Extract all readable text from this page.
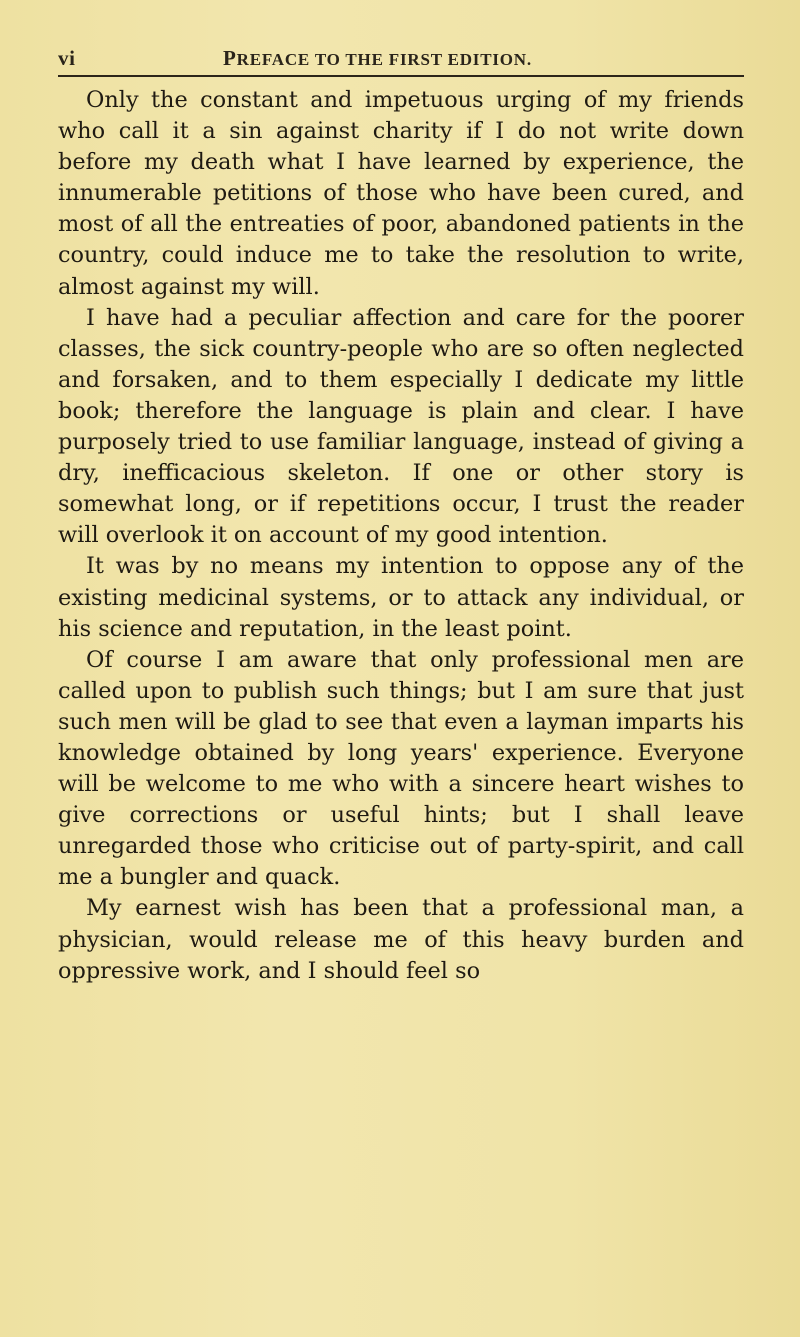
vi	PREFACE TO THE FIRST EDITION.

Only the constant and impetuous urging of my friends who call it a sin against charity if I do not write down before my death what I have learned by experience, the innumerable petitions of those who have been cured, and most of all the entreaties of poor, abandoned patients in the country, could induce me to take the resolution to write, almost against my will.

I have had a peculiar affection and care for the poorer classes, the sick country-people who are so often neglected and forsaken, and to them especially I dedicate my little book; therefore the language is plain and clear. I have purposely tried to use familiar language, instead of giving a dry, inefficacious skeleton. If one or other story is somewhat long, or if repetitions occur, I trust the reader will overlook it on account of my good intention.

It was by no means my intention to oppose any of the existing medicinal systems, or to attack any individual, or his science and reputation, in the least point.

Of course I am aware that only professional men are called upon to publish such things; but I am sure that just such men will be glad to see that even a layman imparts his knowledge obtained by long years' experience. Everyone will be welcome to me who with a sincere heart wishes to give corrections or useful hints; but I shall leave unregarded those who criticise out of party-spirit, and call me a bungler and quack.

My earnest wish has been that a professional man, a physician, would release me of this heavy burden and oppressive work, and I should feel so
